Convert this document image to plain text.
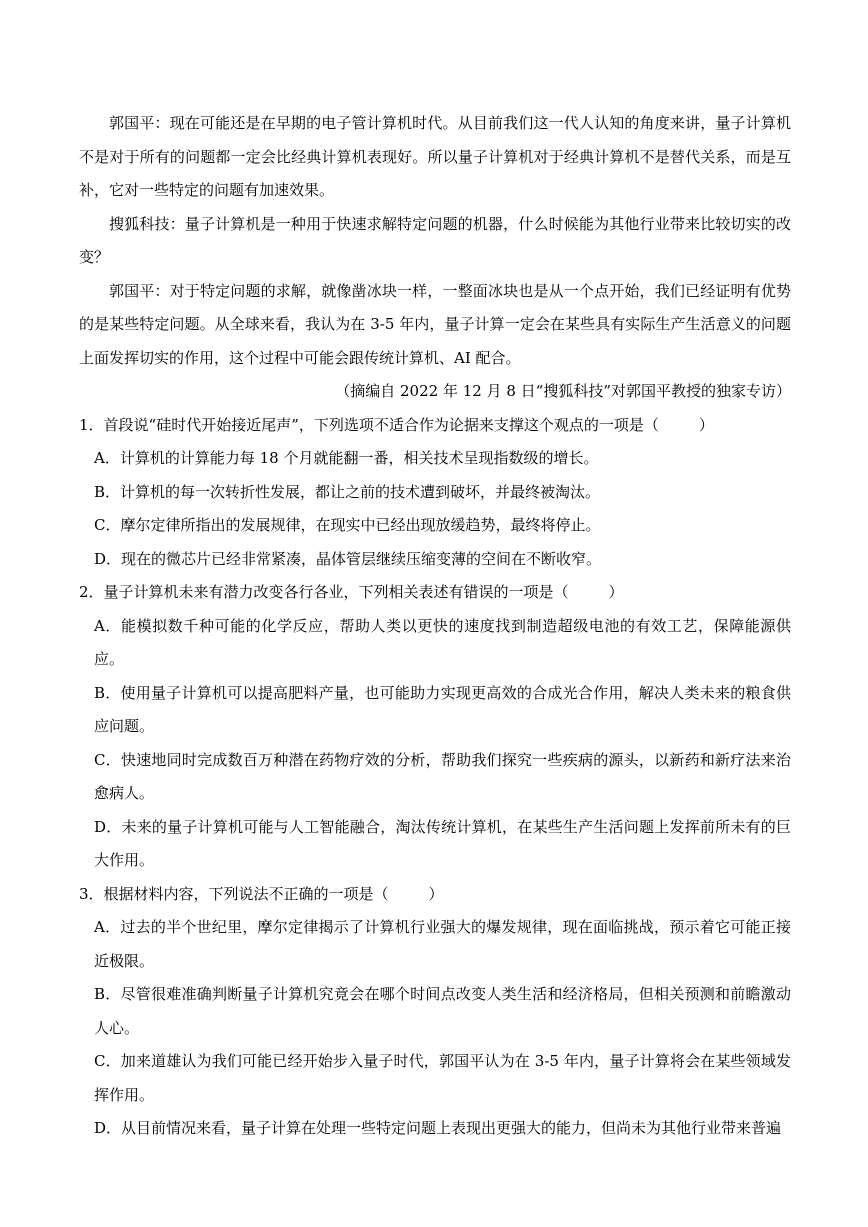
郭国平：现在可能还是在早期的电子管计算机时代。从目前我们这一代人认知的角度来讲，量子计算机不是对于所有的问题都一定会比经典计算机表现好。所以量子计算机对于经典计算机不是替代关系，而是互补，它对一些特定的问题有加速效果。

搜狐科技：量子计算机是一种用于快速求解特定问题的机器，什么时候能为其他行业带来比较切实的改变？

郭国平：对于特定问题的求解，就像凿冰块一样，一整面冰块也是从一个点开始，我们已经证明有优势的是某些特定问题。从全球来看，我认为在 3-5 年内，量子计算一定会在某些具有实际生产生活意义的问题上面发挥切实的作用，这个过程中可能会跟传统计算机、AI 配合。

（摘编自 2022 年 12 月 8 日“搜狐科技”对郭国平教授的独家专访）

1．首段说“硅时代开始接近尾声”，下列选项不适合作为论据来支撑这个观点的一项是（	）

A．计算机的计算能力每 18 个月就能翻一番，相关技术呈现指数级的增长。

B．计算机的每一次转折性发展，都让之前的技术遭到破坏，并最终被淘汰。

C．摩尔定律所指出的发展规律，在现实中已经出现放缓趋势，最终将停止。

D．现在的微芯片已经非常紧凑，晶体管层继续压缩变薄的空间在不断收窄。

2．量子计算机未来有潜力改变各行各业，下列相关表述有错误的一项是（	）

A．能模拟数千种可能的化学反应，帮助人类以更快的速度找到制造超级电池的有效工艺，保障能源供应。

B．使用量子计算机可以提高肥料产量，也可能助力实现更高效的合成光合作用，解决人类未来的粮食供应问题。

C．快速地同时完成数百万种潜在药物疗效的分析，帮助我们探究一些疾病的源头，以新药和新疗法来治愈病人。

D．未来的量子计算机可能与人工智能融合，淘汰传统计算机，在某些生产生活问题上发挥前所未有的巨大作用。

3．根据材料内容，下列说法不正确的一项是（	）

A．过去的半个世纪里，摩尔定律揭示了计算机行业强大的爆发规律，现在面临挑战，预示着它可能正接近极限。

B．尽管很难准确判断量子计算机究竟会在哪个时间点改变人类生活和经济格局，但相关预测和前瞻激动人心。

C．加来道雄认为我们可能已经开始步入量子时代，郭国平认为在 3-5 年内，量子计算将会在某些领域发挥作用。

D．从目前情况来看，量子计算在处理一些特定问题上表现出更强大的能力，但尚未为其他行业带来普遍
